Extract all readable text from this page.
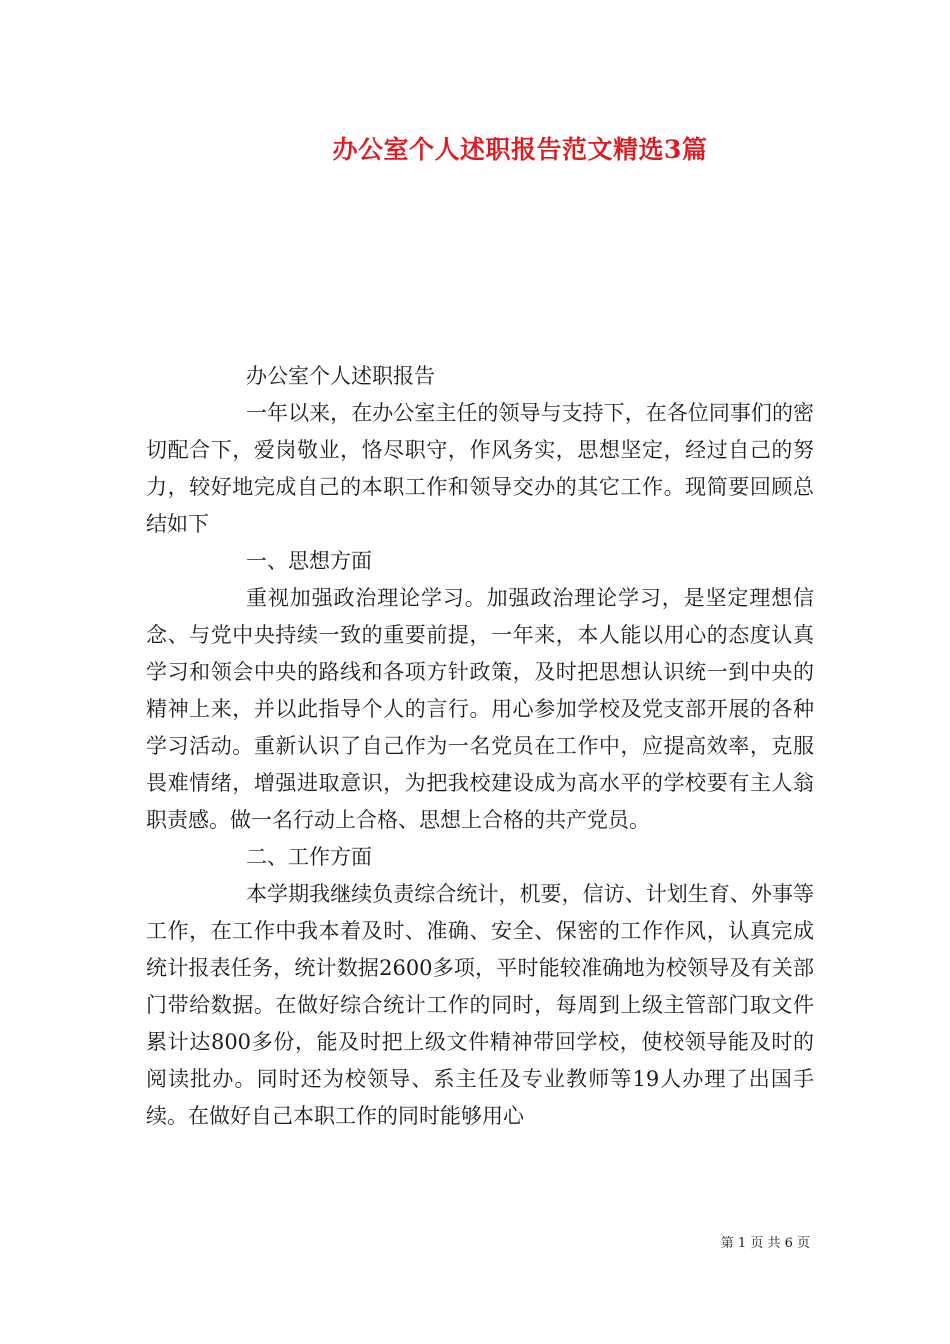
办公室个人述职报告范文精选3篇

办公室个人述职报告

一年以来，在办公室主任的领导与支持下，在各位同事们的密切配合下，爱岗敬业，恪尽职守，作风务实，思想坚定，经过自己的努力，较好地完成自己的本职工作和领导交办的其它工作。现简要回顾总结如下

一、思想方面

重视加强政治理论学习。加强政治理论学习，是坚定理想信念、与党中央持续一致的重要前提，一年来，本人能以用心的态度认真学习和领会中央的路线和各项方针政策，及时把思想认识统一到中央的精神上来，并以此指导个人的言行。用心参加学校及党支部开展的各种学习活动。重新认识了自己作为一名党员在工作中，应提高效率，克服畏难情绪，增强进取意识，为把我校建设成为高水平的学校要有主人翁职责感。做一名行动上合格、思想上合格的共产党员。

二、工作方面

本学期我继续负责综合统计，机要，信访、计划生育、外事等工作，在工作中我本着及时、准确、安全、保密的工作作风，认真完成统计报表任务，统计数据2600多项，平时能较准确地为校领导及有关部门带给数据。在做好综合统计工作的同时，每周到上级主管部门取文件累计达800多份，能及时把上级文件精神带回学校，使校领导能及时的阅读批办。同时还为校领导、系主任及专业教师等19人办理了出国手续。在做好自己本职工作的同时能够用心

第 1 页 共 6 页
